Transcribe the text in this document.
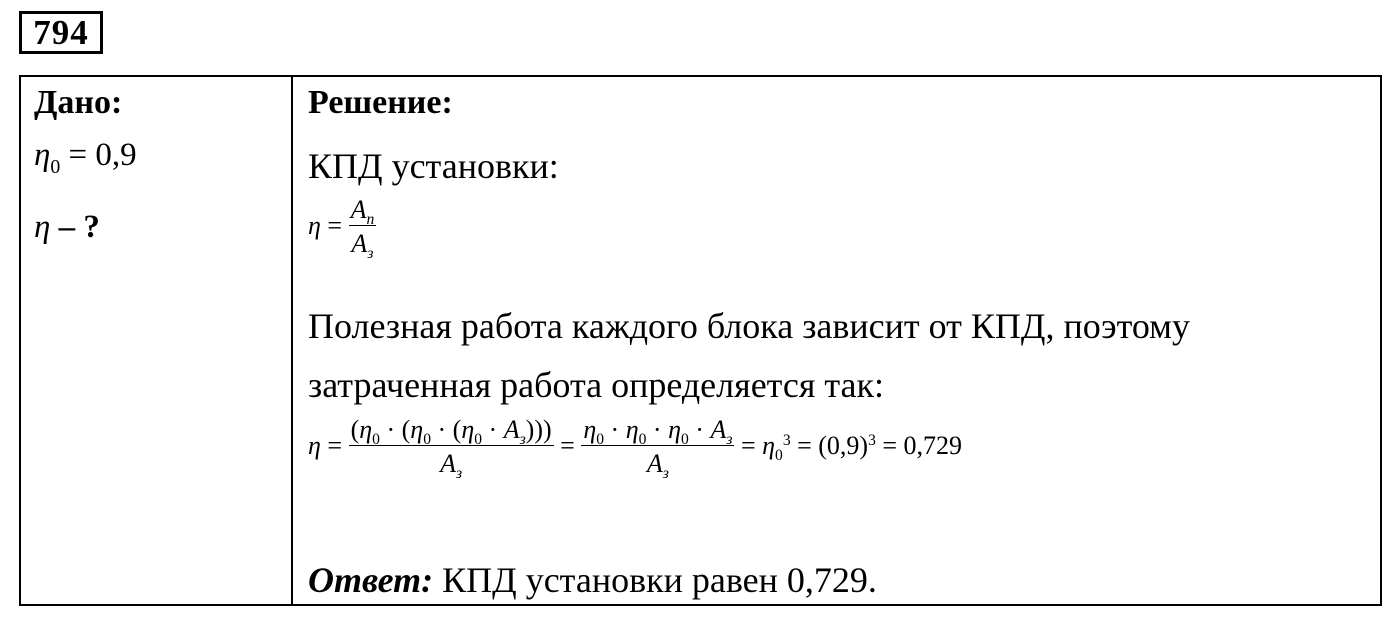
794
Дано:
$\eta_0 = 0,9$
η – ?
Решение:
КПД установки:
$\eta = \frac{A_п}{A_з}$
Полезная работа каждого блока зависит от КПД, поэтому
затраченная работа определяется так:
$\eta = \frac{(\eta_0 \cdot (\eta_0 \cdot (\eta_0 \cdot A_з)))}{A_з} = \frac{\eta_0 \cdot \eta_0 \cdot \eta_0 \cdot A_з}{A_з} = \eta_0^3 = (0,9)^3 = 0,729$
Ответ: КПД установки равен 0,729.
